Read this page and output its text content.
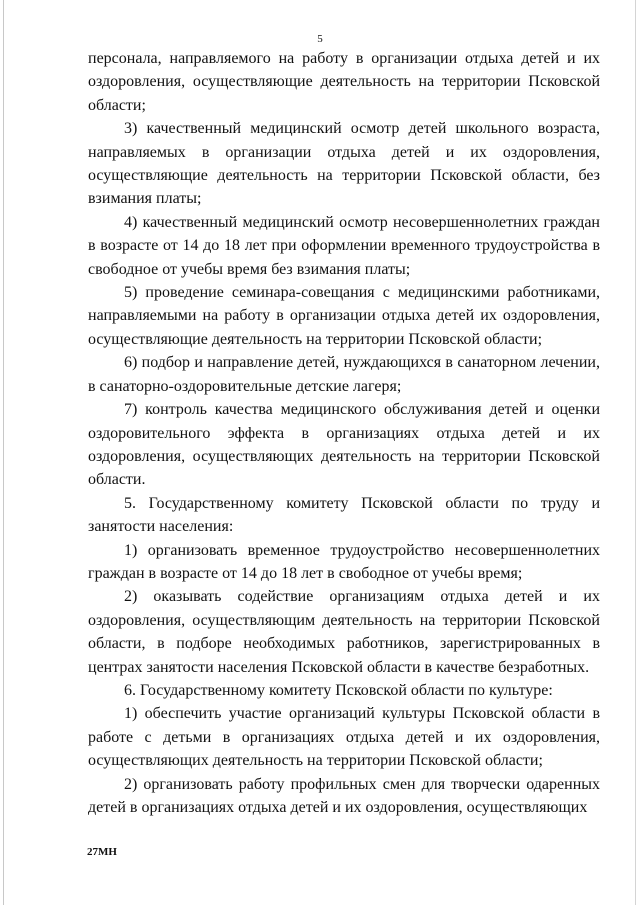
5

персонала, направляемого на работу в организации отдыха детей и их оздоровления, осуществляющие деятельность на территории Псковской области;

3) качественный медицинский осмотр детей школьного возраста, направляемых в организации отдыха детей и их оздоровления, осуществляющие деятельность на территории Псковской области, без взимания платы;

4) качественный медицинский осмотр несовершеннолетних граждан в возрасте от 14 до 18 лет при оформлении временного трудоустройства в свободное от учебы время без взимания платы;

5) проведение семинара-совещания с медицинскими работниками, направляемыми на работу в организации отдыха детей их оздоровления, осуществляющие деятельность на территории Псковской области;

6) подбор и направление детей, нуждающихся в санаторном лечении, в санаторно-оздоровительные детские лагеря;

7) контроль качества медицинского обслуживания детей и оценки оздоровительного эффекта в организациях отдыха детей и их оздоровления, осуществляющих деятельность на территории Псковской области.

5. Государственному комитету Псковской области по труду и занятости населения:

1) организовать временное трудоустройство несовершеннолетних граждан в возрасте от 14 до 18 лет в свободное от учебы время;

2) оказывать содействие организациям отдыха детей и их оздоровления, осуществляющим деятельность на территории Псковской области, в подборе необходимых работников, зарегистрированных в центрах занятости населения Псковской области в качестве безработных.

6. Государственному комитету Псковской области по культуре:

1) обеспечить участие организаций культуры Псковской области в работе с детьми в организациях отдыха детей и их оздоровления, осуществляющих деятельность на территории Псковской области;

2) организовать работу профильных смен для творчески одаренных детей в организациях отдыха детей и их оздоровления, осуществляющих

27МН
